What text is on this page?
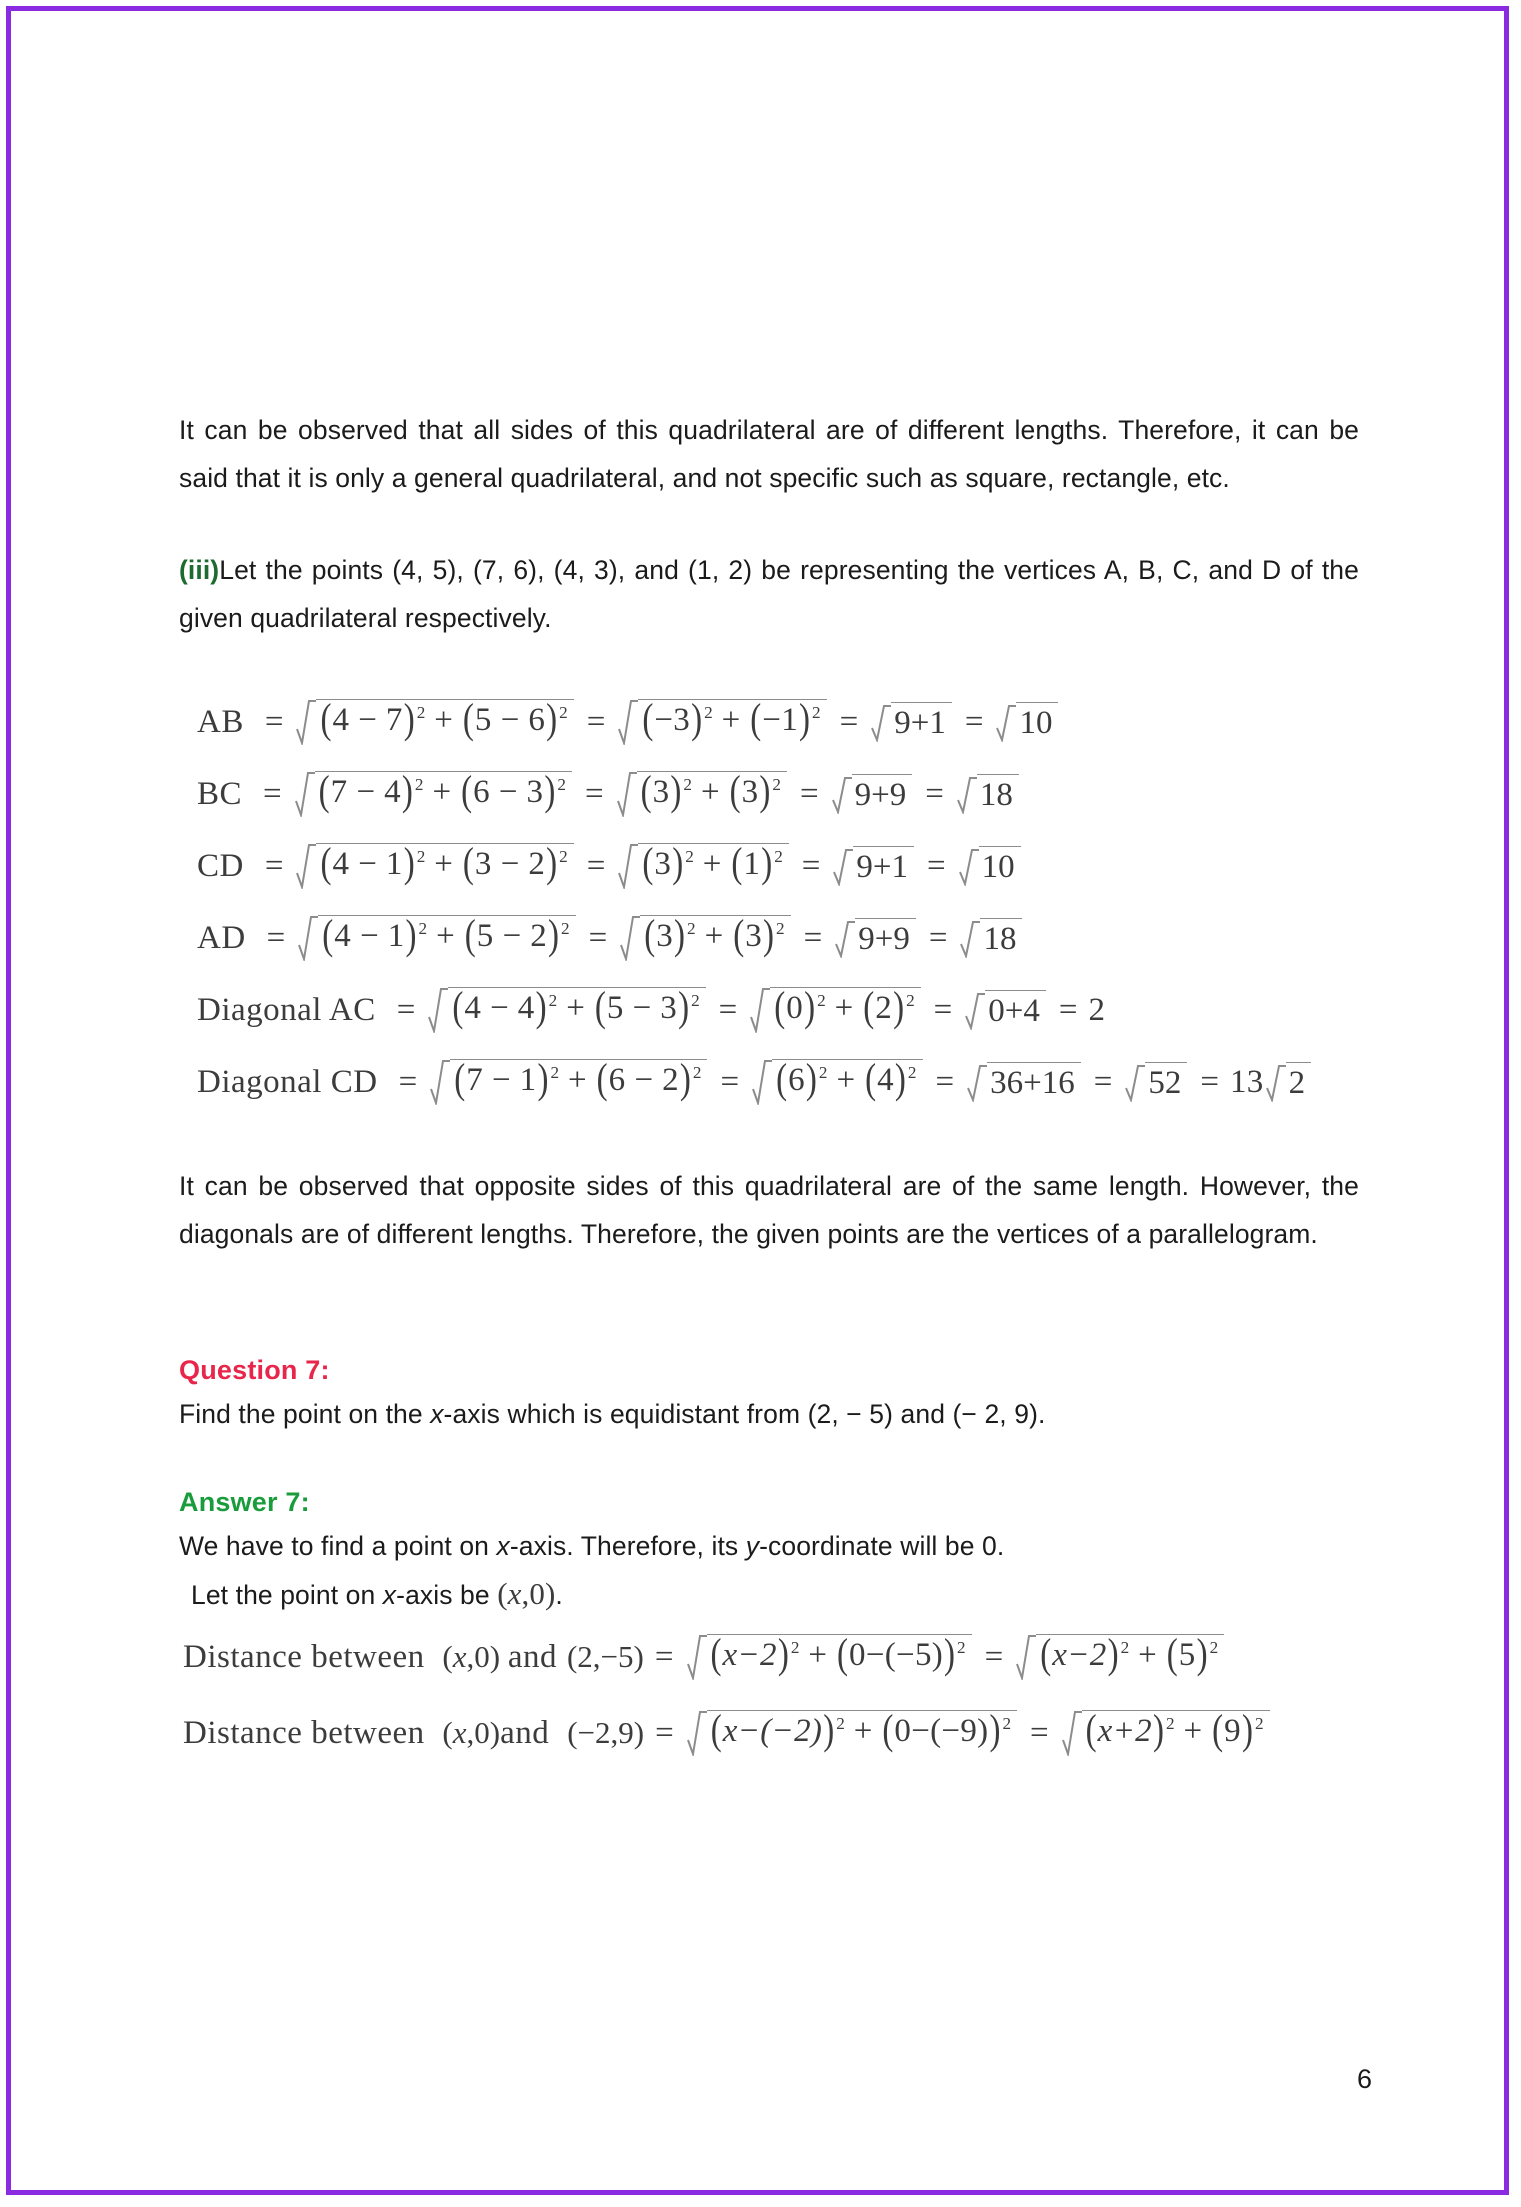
It can be observed that all sides of this quadrilateral are of different lengths. Therefore, it can be said that it is only a general quadrilateral, and not specific such as square, rectangle, etc.

(iii)Let the points (4, 5), (7, 6), (4, 3), and (1, 2) be representing the vertices A, B, C, and D of the given quadrilateral respectively.

AB = (4 − 7) $^2$ + (5 − 6) $^2$ = (−3) $^2$ + (−1) $^2$ = 9+1 = 10
BC = (7 − 4) $^2$ + (6 − 3) $^2$ = (3) $^2$ + (3) $^2$ = 9+9 = 18
CD = (4 − 1) $^2$ + (3 − 2) $^2$ = (3) $^2$ + (1) $^2$ = 9+1 = 10
AD = (4 − 1) $^2$ + (5 − 2) $^2$ = (3) $^2$ + (3) $^2$ = 9+9 = 18
Diagonal AC = (4 − 4) $^2$ + (5 − 3) $^2$ = (0) $^2$ + (2) $^2$ = 0+4 = 2
Diagonal CD = (7 − 1) $^2$ + (6 − 2) $^2$ = (6) $^2$ + (4) $^2$ = 36+16 = 52 = 13 2

It can be observed that opposite sides of this quadrilateral are of the same length. However, the diagonals are of different lengths. Therefore, the given points are the vertices of a parallelogram.

Question 7:

Find the point on the x-axis which is equidistant from (2, − 5) and (− 2, 9).

Answer 7:

We have to find a point on x-axis. Therefore, its y-coordinate will be 0.

Let the point on x-axis be (x,0).

Distance between (x,0) and (2,−5) = (x−2) $^2$ + (0−(−5)) $^2$ = (x−2) $^2$ + (5) $^2$
Distance between (x,0) and (−2,9) = (x−(−2)) $^2$ + (0−(−9)) $^2$ = (x+2) $^2$ + (9) $^2$
6
